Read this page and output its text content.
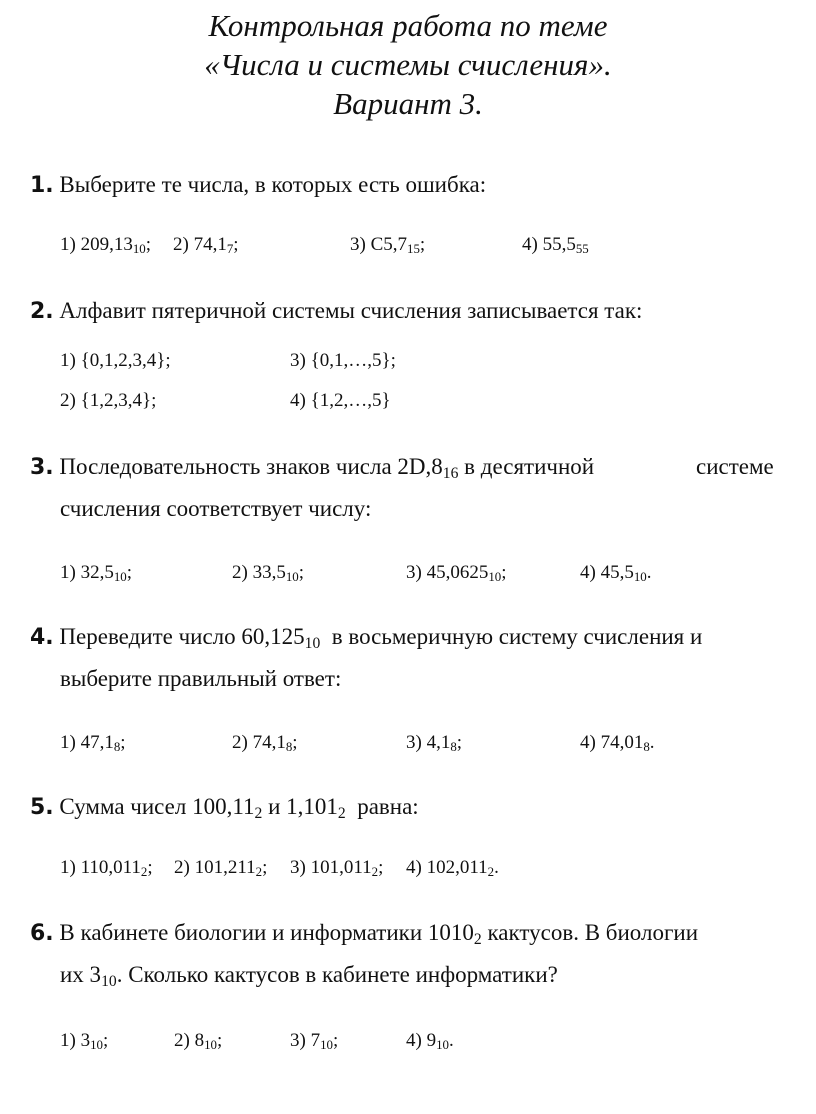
Контрольная работа по теме
«Числа и системы счисления».
Вариант 3.
1. Выберите те числа, в которых есть ошибка:
1) $209,13_{10}$; 2) $74,1_7$;	3) $C5,7_{15}$;	4) $55,5_{55}$
2. Алфавит пятеричной системы счисления записывается так:
1) {0,1,2,3,4};	3) {0,1,…,5};
2) {1,2,3,4};	4) {1,2,…,5}
3. Последовательность знаков числа $2D,8_{16}$ в десятичной	системе
счисления соответствует числу:
1) $32,5_{10}$;	2) $33,5_{10}$;	3) $45,0625_{10}$;	4) $45,5_{10}$.
4. Переведите число $60,125_{10}$  в восьмеричную систему счисления и
выберите правильный ответ:
1) $47,1_8$;	2) $74,1_8$;	3) $4,1_8$;	4) $74,01_8$.
5. Сумма чисел $100,11_2$ и $1,101_2$  равна:
1) $110,011_2$; 2) $101,211_2$; 3) $101,011_2$; 4) $102,011_2$.
6. В кабинете биологии и информатики $1010_2$ кактусов. В биологии
их $3_{10}$. Сколько кактусов в кабинете информатики?
1) $3_{10}$;	2) $8_{10}$;	3) $7_{10}$;	4) $9_{10}$.
